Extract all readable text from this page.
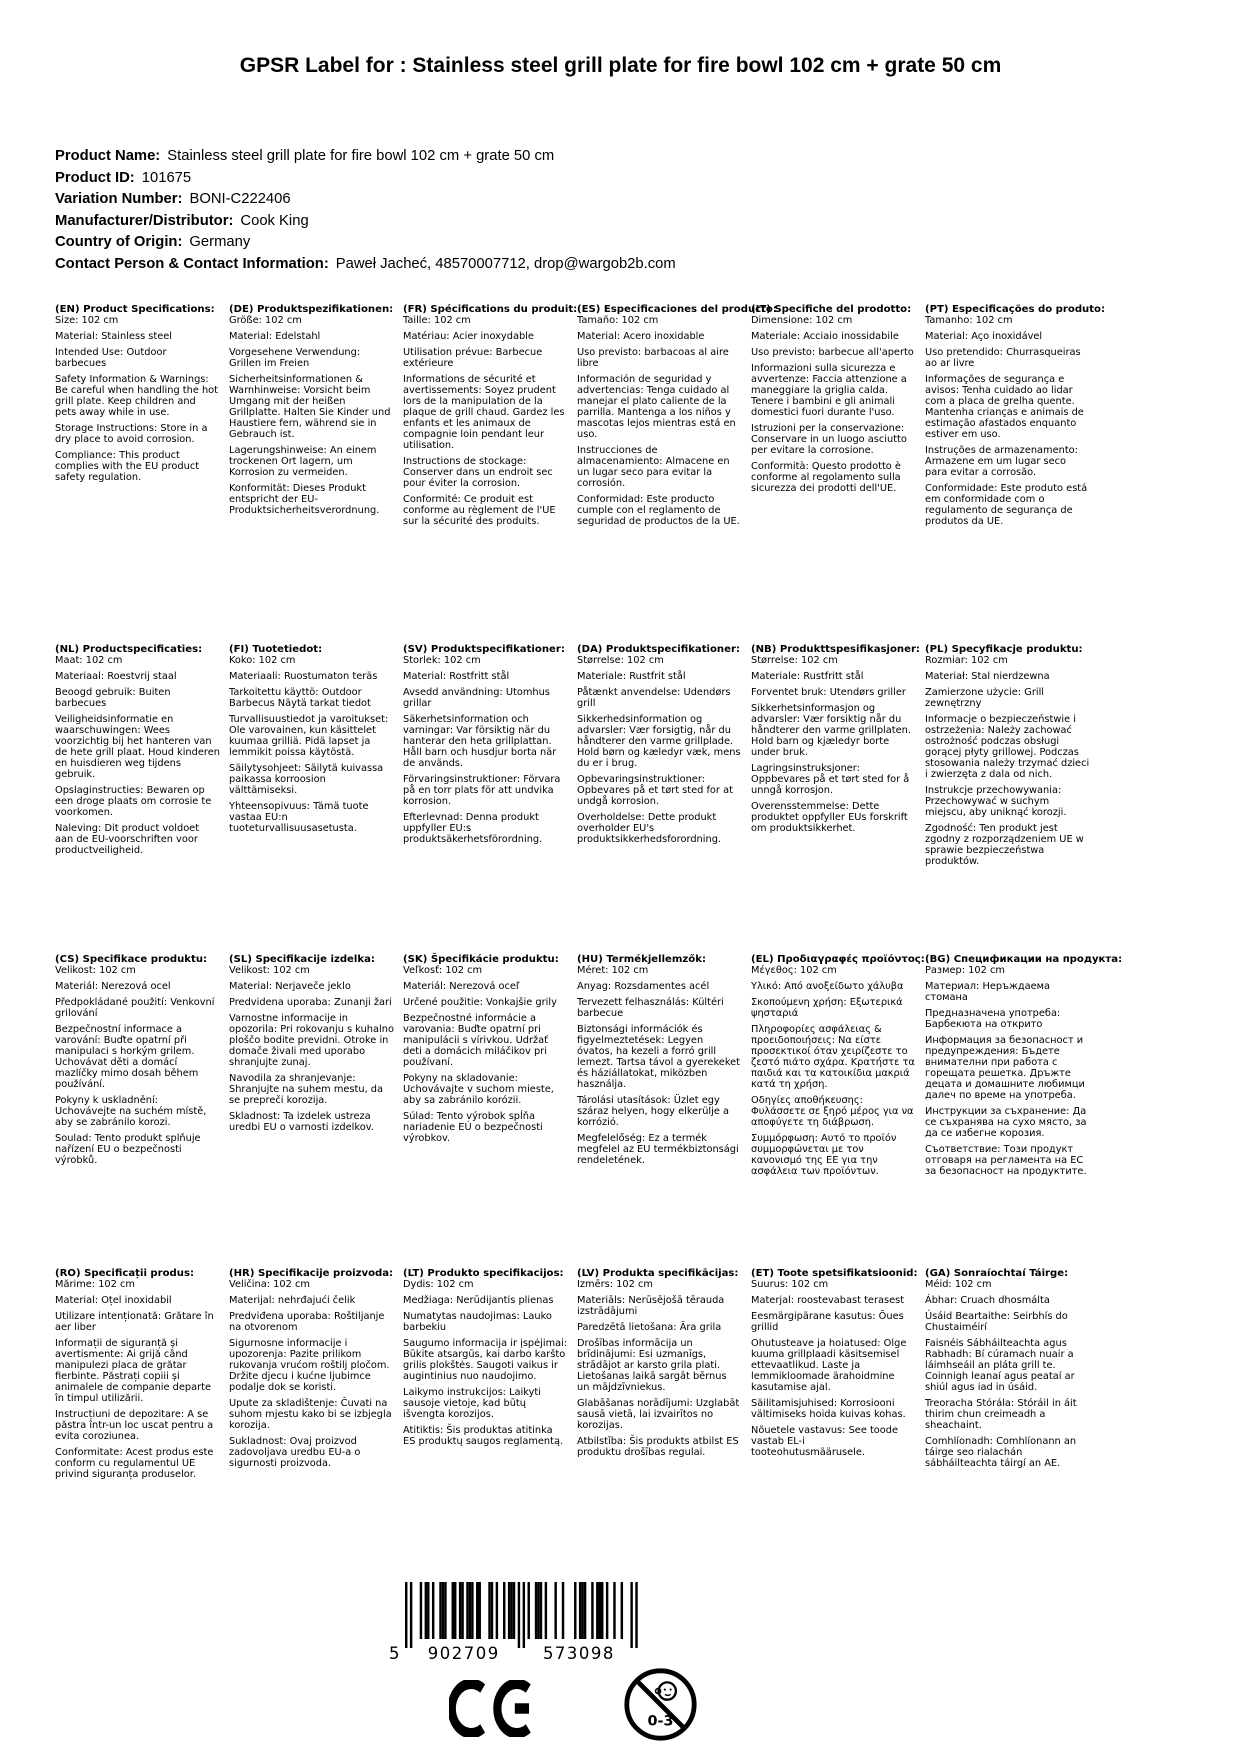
GPSR Label for : Stainless steel grill plate for fire bowl 102 cm + grate 50 cm
Product Name: Stainless steel grill plate for fire bowl 102 cm + grate 50 cm
Product ID: 101675
Variation Number: BONI-C222406
Manufacturer/Distributor: Cook King
Country of Origin: Germany
Contact Person & Contact Information: Paweł Jacheć, 48570007712, drop@wargob2b.com
(EN) Product Specifications:

Size: 102 cm

Material: Stainless steel

Intended Use: Outdoor barbecues

Safety Information & Warnings: Be careful when handling the hot grill plate. Keep children and pets away while in use.

Storage Instructions: Store in a dry place to avoid corrosion.

Compliance: This product complies with the EU product safety regulation.

(DE) Produktspezifikationen:

Größe: 102 cm

Material: Edelstahl

Vorgesehene Verwendung: Grillen im Freien

Sicherheitsinformationen & Warnhinweise: Vorsicht beim Umgang mit der heißen Grillplatte. Halten Sie Kinder und Haustiere fern, während sie in Gebrauch ist.

Lagerungshinweise: An einem trockenen Ort lagern, um Korrosion zu vermeiden.

Konformität: Dieses Produkt entspricht der EU-Produktsicherheitsverordnung.

(FR) Spécifications du produit:

Taille: 102 cm

Matériau: Acier inoxydable

Utilisation prévue: Barbecue extérieure

Informations de sécurité et avertissements: Soyez prudent lors de la manipulation de la plaque de grill chaud. Gardez les enfants et les animaux de compagnie loin pendant leur utilisation.

Instructions de stockage: Conserver dans un endroit sec pour éviter la corrosion.

Conformité: Ce produit est conforme au règlement de l'UE sur la sécurité des produits.

(ES) Especificaciones del producto:

Tamaño: 102 cm

Material: Acero inoxidable

Uso previsto: barbacoas al aire libre

Información de seguridad y advertencias: Tenga cuidado al manejar el plato caliente de la parrilla. Mantenga a los niños y mascotas lejos mientras está en uso.

Instrucciones de almacenamiento: Almacene en un lugar seco para evitar la corrosión.

Conformidad: Este producto cumple con el reglamento de seguridad de productos de la UE.

(IT) Specifiche del prodotto:

Dimensione: 102 cm

Materiale: Acciaio inossidabile

Uso previsto: barbecue all'aperto

Informazioni sulla sicurezza e avvertenze: Faccia attenzione a maneggiare la griglia calda. Tenere i bambini e gli animali domestici fuori durante l'uso.

Istruzioni per la conservazione: Conservare in un luogo asciutto per evitare la corrosione.

Conformità: Questo prodotto è conforme al regolamento sulla sicurezza dei prodotti dell'UE.

(PT) Especificações do produto:

Tamanho: 102 cm

Material: Aço inoxidável

Uso pretendido: Churrasqueiras ao ar livre

Informações de segurança e avisos: Tenha cuidado ao lidar com a placa de grelha quente. Mantenha crianças e animais de estimação afastados enquanto estiver em uso.

Instruções de armazenamento: Armazene em um lugar seco para evitar a corrosão.

Conformidade: Este produto está em conformidade com o regulamento de segurança de produtos da UE.

(NL) Productspecificaties:

Maat: 102 cm

Materiaal: Roestvrij staal

Beoogd gebruik: Buiten barbecues

Veiligheidsinformatie en waarschuwingen: Wees voorzichtig bij het hanteren van de hete grill plaat. Houd kinderen en huisdieren weg tijdens gebruik.

Opslaginstructies: Bewaren op een droge plaats om corrosie te voorkomen.

Naleving: Dit product voldoet aan de EU-voorschriften voor productveiligheid.

(FI) Tuotetiedot:

Koko: 102 cm

Materiaali: Ruostumaton teräs

Tarkoitettu käyttö: Outdoor Barbecus Näytä tarkat tiedot

Turvallisuustiedot ja varoitukset: Ole varovainen, kun käsittelet kuumaa grilliä. Pidä lapset ja lemmikit poissa käytöstä.

Säilytysohjeet: Säilytä kuivassa paikassa korroosion välttämiseksi.

Yhteensopivuus: Tämä tuote vastaa EU:n tuoteturvallisuusasetusta.

(SV) Produktspecifikationer:

Storlek: 102 cm

Material: Rostfritt stål

Avsedd användning: Utomhus grillar

Säkerhetsinformation och varningar: Var försiktig när du hanterar den heta grillplattan. Håll barn och husdjur borta när de används.

Förvaringsinstruktioner: Förvara på en torr plats för att undvika korrosion.

Efterlevnad: Denna produkt uppfyller EU:s produktsäkerhetsförordning.

(DA) Produktspecifikationer:

Størrelse: 102 cm

Materiale: Rustfrit stål

Påtænkt anvendelse: Udendørs grill

Sikkerhedsinformation og advarsler: Vær forsigtig, når du håndterer den varme grillplade. Hold børn og kæledyr væk, mens du er i brug.

Opbevaringsinstruktioner: Opbevares på et tørt sted for at undgå korrosion.

Overholdelse: Dette produkt overholder EU's produktsikkerhedsforordning.

(NB) Produkttspesifikasjoner:

Størrelse: 102 cm

Materiale: Rustfritt stål

Forventet bruk: Utendørs griller

Sikkerhetsinformasjon og advarsler: Vær forsiktig når du håndterer den varme grillplaten. Hold barn og kjæledyr borte under bruk.

Lagringsinstruksjoner: Oppbevares på et tørt sted for å unngå korrosjon.

Overensstemmelse: Dette produktet oppfyller EUs forskrift om produktsikkerhet.

(PL) Specyfikacje produktu:

Rozmiar: 102 cm

Materiał: Stal nierdzewna

Zamierzone użycie: Grill zewnętrzny

Informacje o bezpieczeństwie i ostrzeżenia: Należy zachować ostrożność podczas obsługi gorącej płyty grillowej. Podczas stosowania należy trzymać dzieci i zwierzęta z dala od nich.

Instrukcje przechowywania: Przechowywać w suchym miejscu, aby uniknąć korozji.

Zgodność: Ten produkt jest zgodny z rozporządzeniem UE w sprawie bezpieczeństwa produktów.

(CS) Specifikace produktu:

Velikost: 102 cm

Materiál: Nerezová ocel

Předpokládané použití: Venkovní grilování

Bezpečnostní informace a varování: Buďte opatrní při manipulaci s horkým grilem. Uchovávat děti a domácí mazlíčky mimo dosah během používání.

Pokyny k uskladnění: Uchovávejte na suchém místě, aby se zabránilo korozi.

Soulad: Tento produkt splňuje nařízení EU o bezpečnosti výrobků.

(SL) Specifikacije izdelka:

Velikost: 102 cm

Material: Nerjaveče jeklo

Predvidena uporaba: Zunanji žari

Varnostne informacije in opozorila: Pri rokovanju s kuhalno ploščo bodite previdni. Otroke in domače živali med uporabo shranjujte zunaj.

Navodila za shranjevanje: Shranjujte na suhem mestu, da se prepreči korozija.

Skladnost: Ta izdelek ustreza uredbi EU o varnosti izdelkov.

(SK) Špecifikácie produktu:

Veľkosť: 102 cm

Materiál: Nerezová oceľ

Určené použitie: Vonkajšie grily

Bezpečnostné informácie a varovania: Buďte opatrní pri manipulácii s vírivkou. Udržať deti a domácich miláčikov pri používaní.

Pokyny na skladovanie: Uchovávajte v suchom mieste, aby sa zabránilo korózii.

Súlad: Tento výrobok spĺňa nariadenie EÚ o bezpečnosti výrobkov.

(HU) Termékjellemzők:

Méret: 102 cm

Anyag: Rozsdamentes acél

Tervezett felhasználás: Kültéri barbecue

Biztonsági információk és figyelmeztetések: Legyen óvatos, ha kezeli a forró grill lemezt. Tartsa távol a gyerekeket és háziállatokat, miközben használja.

Tárolási utasítások: Üzlet egy száraz helyen, hogy elkerülje a korrózió.

Megfelelőség: Ez a termék megfelel az EU termékbiztonsági rendeletének.

(EL) Προδιαγραφές προϊόντος:

Μέγεθος: 102 cm

Υλικό: Από ανοξείδωτο χάλυβα

Σκοπούμενη χρήση: Εξωτερικά ψησταριά

Πληροφορίες ασφάλειας & προειδοποιήσεις: Να είστε προσεκτικοί όταν χειρίζεστε το ζεστό πιάτο σχάρα. Κρατήστε τα παιδιά και τα κατοικίδια μακριά κατά τη χρήση.

Οδηγίες αποθήκευσης: Φυλάσσετε σε ξηρό μέρος για να αποφύγετε τη διάβρωση.

Συμμόρφωση: Αυτό το προϊόν συμμορφώνεται με τον κανονισμό της ΕΕ για την ασφάλεια των προϊόντων.

(BG) Спецификации на продукта:

Размер: 102 cm

Материал: Неръждаема стомана

Предназначена употреба: Барбекюта на открито

Информация за безопасност и предупреждения: Бъдете внимателни при работа с горещата решетка. Дръжте децата и домашните любимци далеч по време на употреба.

Инструкции за съхранение: Да се съхранява на сухо място, за да се избегне корозия.

Съответствие: Този продукт отговаря на регламента на ЕС за безопасност на продуктите.

(RO) Specificații produs:

Mărime: 102 cm

Material: Oțel inoxidabil

Utilizare intenționată: Grătare în aer liber

Informații de siguranță și avertismente: Ai grijă când manipulezi placa de grătar fierbinte. Păstrați copiii și animalele de companie departe în timpul utilizării.

Instrucțiuni de depozitare: A se păstra într-un loc uscat pentru a evita coroziunea.

Conformitate: Acest produs este conform cu regulamentul UE privind siguranța produselor.

(HR) Specifikacije proizvoda:

Veličina: 102 cm

Materijal: nehrđajući čelik

Predviđena uporaba: Roštiljanje na otvorenom

Sigurnosne informacije i upozorenja: Pazite prilikom rukovanja vrućom roštilj pločom. Držite djecu i kućne ljubimce podalje dok se koristi.

Upute za skladištenje: Čuvati na suhom mjestu kako bi se izbjegla korozija.

Sukladnost: Ovaj proizvod zadovoljava uredbu EU-a o sigurnosti proizvoda.

(LT) Produkto specifikacijos:

Dydis: 102 cm

Medžiaga: Nerūdijantis plienas

Numatytas naudojimas: Lauko barbekiu

Saugumo informacija ir įspėjimai: Būkite atsargūs, kai darbo karšto grilis plokštės. Saugoti vaikus ir augintinius nuo naudojimo.

Laikymo instrukcijos: Laikyti sausoje vietoje, kad būtų išvengta korozijos.

Atitiktis: Šis produktas atitinka ES produktų saugos reglamentą.

(LV) Produkta specifikācijas:

Izmērs: 102 cm

Materiāls: Nerūsējošā tērauda izstrādājumi

Paredzētā lietošana: Āra grila

Drošības informācija un brīdinājumi: Esi uzmanīgs, strādājot ar karsto grila plati. Lietošanas laikā sargāt bērnus un mājdzīvniekus.

Glabāšanas norādījumi: Uzglabāt sausā vietā, lai izvairītos no korozijas.

Atbilstība: Šis produkts atbilst ES produktu drošības regulai.

(ET) Toote spetsifikatsioonid:

Suurus: 102 cm

Materjal: roostevabast terasest

Eesmärgipärane kasutus: Õues grillid

Ohutusteave ja hoiatused: Olge kuuma grillplaadi käsitsemisel ettevaatlikud. Laste ja lemmikloomade ärahoidmine kasutamise ajal.

Säilitamisjuhised: Korrosiooni vältimiseks hoida kuivas kohas.

Nõuetele vastavus: See toode vastab EL-i tooteohutusmäärusele.

(GA) Sonraíochtaí Táirge:

Méid: 102 cm

Ábhar: Cruach dhosmálta

Úsáid Beartaithe: Seirbhís do Chustaiméirí

Faisnéis Sábháilteachta agus Rabhadh: Bí cúramach nuair a láimhseáil an pláta grill te. Coinnigh leanaí agus peataí ar shiúl agus iad in úsáid.

Treoracha Stórála: Stóráil in áit thirim chun creimeadh a sheachaint.

Comhlíonadh: Comhlíonann an táirge seo rialachán sábháilteachta táirgí an AE.

5 902709	573098
0-3
